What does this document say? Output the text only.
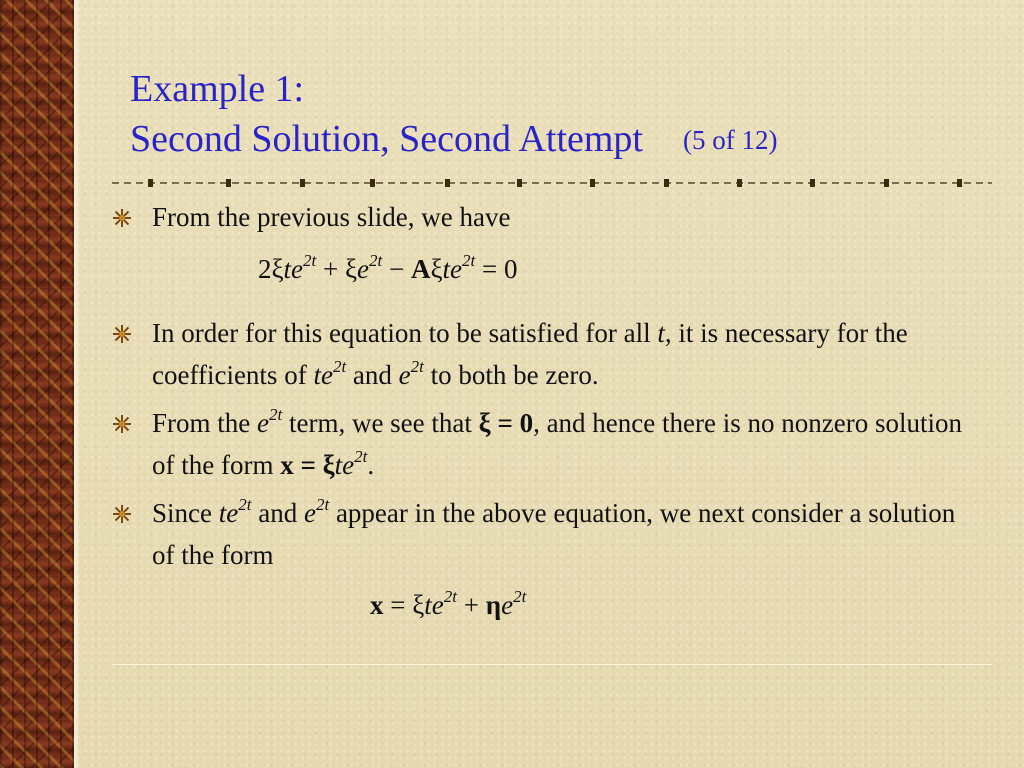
Example 1:
Second Solution, Second Attempt (5 of 12)
From the previous slide, we have
$2\xi te^{2t} + \xi e^{2t} - A\xi te^{2t} = 0$
In order for this equation to be satisfied for all t, it is necessary for the coefficients of $te^{2t}$ and $e^{2t}$ to both be zero.
From the $e^{2t}$ term, we see that ξ = 0, and hence there is no nonzero solution of the form x = ξte$^{2t}$.
Since $te^{2t}$ and $e^{2t}$ appear in the above equation, we next consider a solution of the form
$x = \xi te^{2t} + \eta e^{2t}$
